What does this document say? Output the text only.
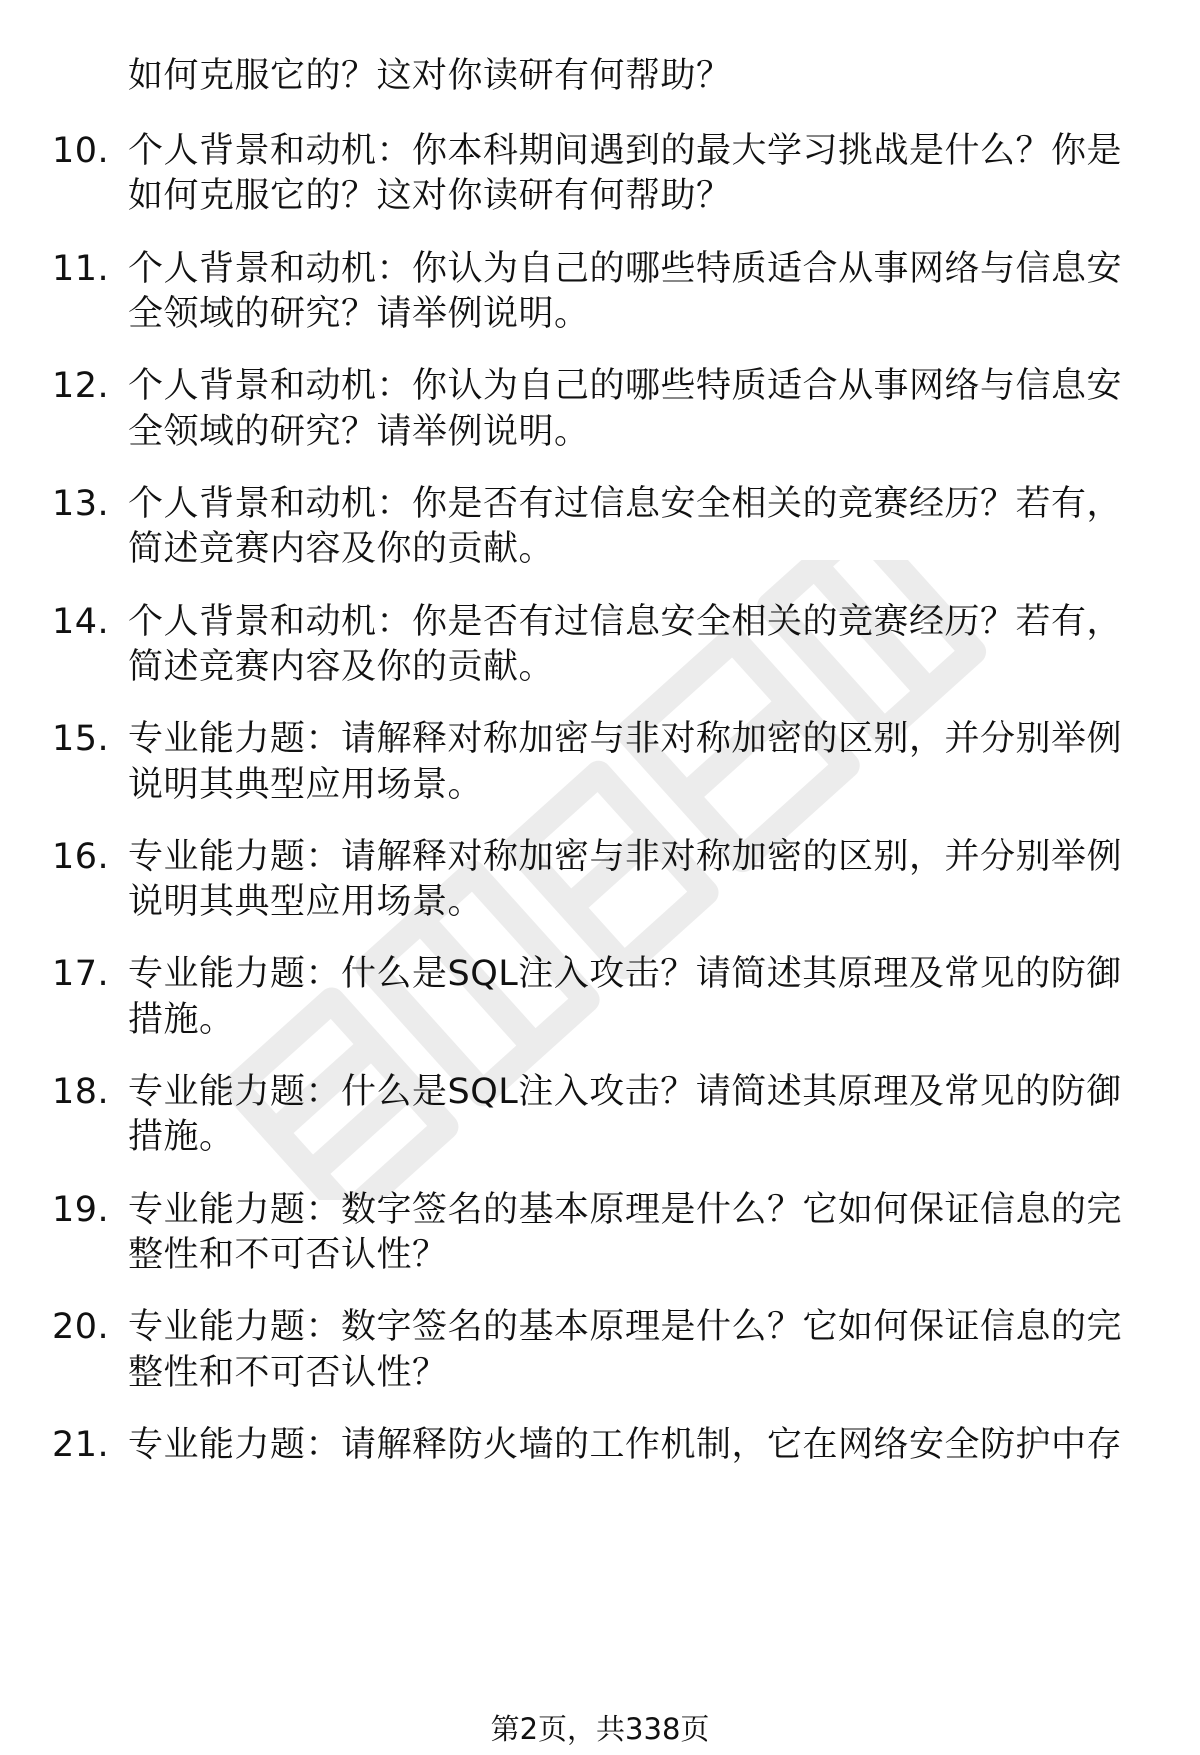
如何克服它的？这对你读研有何帮助？
10. 个人背景和动机：你本科期间遇到的最大学习挑战是什么？你是
如何克服它的？这对你读研有何帮助？
11. 个人背景和动机：你认为自己的哪些特质适合从事网络与信息安
全领域的研究？请举例说明。
12. 个人背景和动机：你认为自己的哪些特质适合从事网络与信息安
全领域的研究？请举例说明。
13. 个人背景和动机：你是否有过信息安全相关的竞赛经历？若有，
简述竞赛内容及你的贡献。
14. 个人背景和动机：你是否有过信息安全相关的竞赛经历？若有，
简述竞赛内容及你的贡献。
15. 专业能力题：请解释对称加密与非对称加密的区别，并分别举例
说明其典型应用场景。
16. 专业能力题：请解释对称加密与非对称加密的区别，并分别举例
说明其典型应用场景。
17. 专业能力题：什么是SQL注入攻击？请简述其原理及常见的防御
措施。
18. 专业能力题：什么是SQL注入攻击？请简述其原理及常见的防御
措施。
19. 专业能力题：数字签名的基本原理是什么？它如何保证信息的完
整性和不可否认性？
20. 专业能力题：数字签名的基本原理是什么？它如何保证信息的完
整性和不可否认性？
21. 专业能力题：请解释防火墙的工作机制，它在网络安全防护中存
第2页，共338页
